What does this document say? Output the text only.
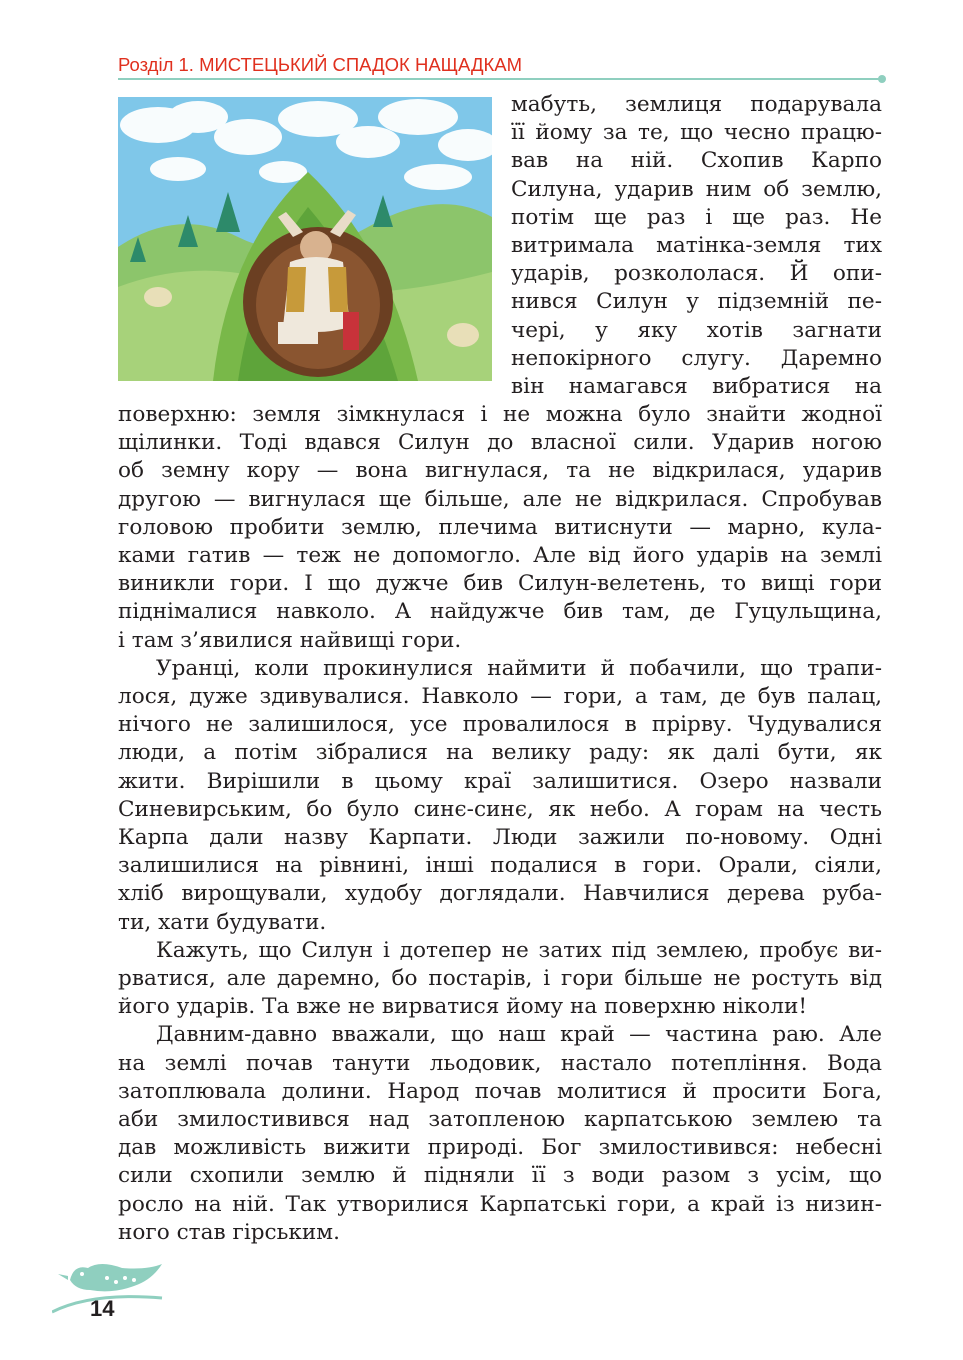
Розділ 1. МИСТЕЦЬКИЙ СПАДОК НАЩАДКАМ
мабуть, землиця подарувала
її йому за те, що чесно працю-
вав на ній. Схопив Карпо
Силуна, ударив ним об землю,
потім ще раз і ще раз. Не
витримала матінка-земля тих
ударів, розкололася. Й опи-
нився Силун у підземній пе-
чері, у яку хотів загнати
непокірного слугу. Даремно
він намагався вибратися на
поверхню: земля зімкнулася і не можна було знайти жодної
щілинки. Тоді вдався Силун до власної сили. Ударив ногою
об земну кору — вона вигнулася, та не відкрилася, ударив
другою — вигнулася ще більше, але не відкрилася. Спробував
головою пробити землю, плечима витиснути — марно, кула-
ками гатив — теж не допомогло. Але від його ударів на землі
виникли гори. І що дужче бив Силун-велетень, то вищі гори
піднімалися навколо. А найдужче бив там, де Гуцульщина,
і там з’явилися найвищі гори.
Уранці, коли прокинулися наймити й побачили, що трапи-
лося, дуже здивувалися. Навколо — гори, а там, де був палац,
нічого не залишилося, усе провалилося в прірву. Чудувалися
люди, а потім зібралися на велику раду: як далі бути, як
жити. Вирішили в цьому краї залишитися. Озеро назвали
Синевирським, бо було синє-синє, як небо. А горам на честь
Карпа дали назву Карпати. Люди зажили по-новому. Одні
залишилися на рівнині, інші подалися в гори. Орали, сіяли,
хліб вирощували, худобу доглядали. Навчилися дерева руба-
ти, хати будувати.
Кажуть, що Силун і дотепер не затих під землею, пробує ви-
рватися, але даремно, бо постарів, і гори більше не ростуть від
його ударів. Та вже не вирватися йому на поверхню ніколи!
Давним-давно вважали, що наш край — частина раю. Але
на землі почав танути льодовик, настало потепління. Вода
затоплювала долини. Народ почав молитися й просити Бога,
аби змилостивився над затопленою карпатською землею та
дав можливість вижити природі. Бог змилостивився: небесні
сили схопили землю й підняли її з води разом з усім, що
росло на ній. Так утворилися Карпатські гори, а край із низин-
ного став гірським.
14
